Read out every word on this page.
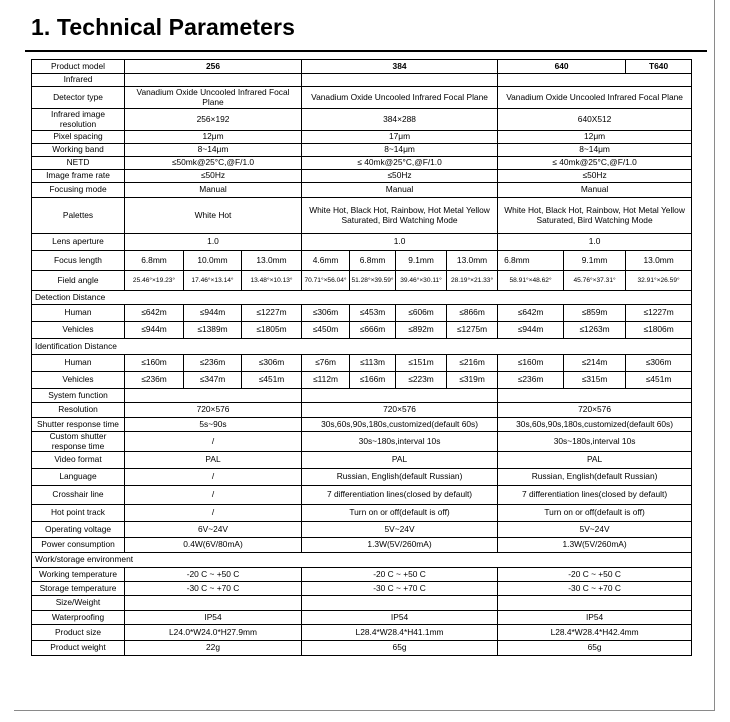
1. Technical Parameters
Product model	256			384				640		T640
Infrared										
Detector type	Vanadium Oxide Uncooled Infrared Focal Plane			Vanadium Oxide Uncooled Infrared Focal Plane				Vanadium Oxide Uncooled Infrared Focal Plane		
Infrared image resolution	256×192			384×288				640X512		
Pixel spacing	12μm			17μm				12μm		
Working band	8~14μm			8~14μm				8~14μm		
NETD	≤50mk@25°C,@F/1.0			≤ 40mk@25°C,@F/1.0				≤ 40mk@25°C,@F/1.0		
Image frame rate	≤50Hz			≤50Hz				≤50Hz		
Focusing mode	Manual			Manual				Manual		
Palettes	White Hot			White Hot, Black Hot, Rainbow, Hot Metal Yellow Saturated, Bird Watching Mode				White Hot, Black Hot, Rainbow, Hot Metal Yellow Saturated, Bird Watching Mode		
Lens aperture	1.0			1.0				1.0		
Focus length	6.8mm	10.0mm	13.0mm	4.6mm	6.8mm	9.1mm	13.0mm	6.8mm	9.1mm	13.0mm
Field angle	25.46°×19.23°	17.46°×13.14°	13.48°×10.13°	70.71°×56.04°	51.28°×39.59°	39.46°×30.11°	28.19°×21.33°	58.91°×48.62°	45.76°×37.31°	32.91°×26.59°
Detection Distance										
Human	≤642m	≤944m	≤1227m	≤306m	≤453m	≤606m	≤866m	≤642m	≤859m	≤1227m
Vehicles	≤944m	≤1389m	≤1805m	≤450m	≤666m	≤892m	≤1275m	≤944m	≤1263m	≤1806m
Identification Distance										
Human	≤160m	≤236m	≤306m	≤76m	≤113m	≤151m	≤216m	≤160m	≤214m	≤306m
Vehicles	≤236m	≤347m	≤451m	≤112m	≤166m	≤223m	≤319m	≤236m	≤315m	≤451m
System function										
Resolution	720×576			720×576				720×576		
Shutter response time	5s~90s			30s,60s,90s,180s,customized(default 60s)				30s,60s,90s,180s,customized(default 60s)		
Custom shutter response time	/			30s~180s,interval 10s				30s~180s,interval 10s		
Video format	PAL			PAL				PAL		
Language	/			Russian, English(default Russian)				Russian, English(default Russian)		
Crosshair line	/			7 differentiation lines(closed by default)				7 differentiation lines(closed by default)		
Hot point track	/			Turn on or off(default is off)				Turn on or off(default is off)		
Operating voltage	6V~24V			5V~24V				5V~24V		
Power consumption	0.4W(6V/80mA)			1.3W(5V/260mA)				1.3W(5V/260mA)		
Work/storage environment										
Working temperature	-20 C ~ +50 C			-20 C ~ +50 C				-20 C ~ +50 C		
Storage temperature	-30 C ~ +70 C			-30 C ~ +70 C				-30 C ~ +70 C		
Size/Weight										
Waterproofing	IP54			IP54				IP54		
Product size	L24.0*W24.0*H27.9mm			L28.4*W28.4*H41.1mm				L28.4*W28.4*H42.4mm		
Product weight	22g			65g				65g		
